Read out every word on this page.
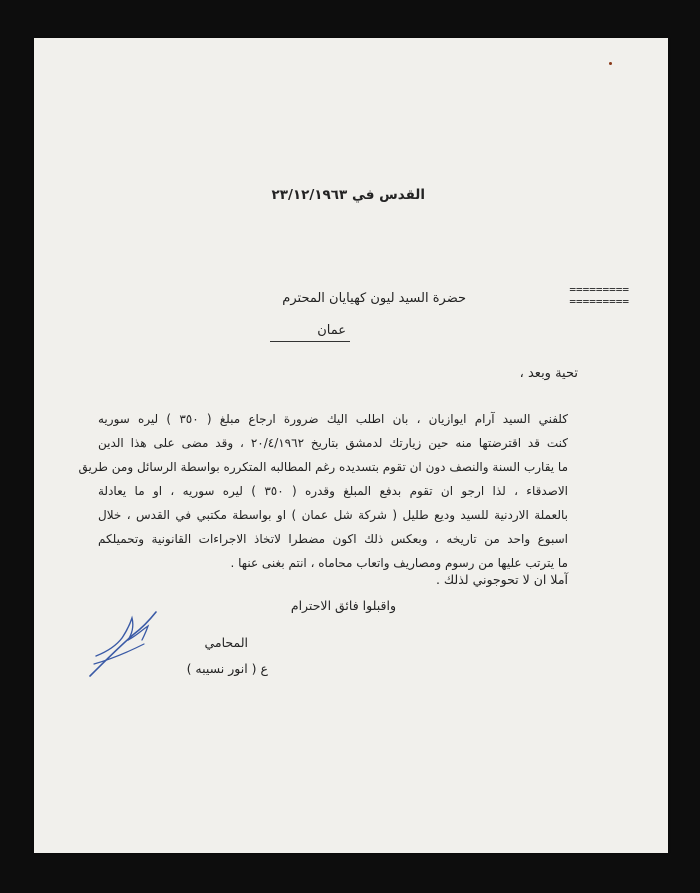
القدس في ٢٣/١٢/١٩٦٣
=========
=========
حضرة السيد ليون كهيايان المحترم
عمان
تحية وبعد ،
كلفني السيد آرام ايوازيان ، بان اطلب اليك ضرورة ارجاع مبلغ ( ٣٥٠ ) ليره سوريه
كنت قد اقترضتها منه حين زيارتك لدمشق بتاريخ ٢٠/٤/١٩٦٢ ، وقد مضى على هذا الدين
ما يقارب السنة والنصف دون ان تقوم بتسديده رغم المطالبه المتكرره بواسطة الرسائل ومن طريق
الاصدقاء ، لذا ارجو ان تقوم بدفع المبلغ وقدره ( ٣٥٠ ) ليره سوريه ، او ما يعادلة
بالعملة الاردنية للسيد وديع طليل ( شركة شل عمان ) او بواسطة مكتبي في القدس ، خلال
اسبوع واحد من تاريخه ، وبعكس ذلك اكون مضطرا لاتخاذ الاجراءات القانونية وتحميلكم
ما يترتب عليها من رسوم ومصاريف واتعاب محاماه ، انتم بغنى عنها .
آملا ان لا تحوجوني لذلك .
واقبلوا فائق الاحترام
المحامي
ع ( انور نسيبه )
